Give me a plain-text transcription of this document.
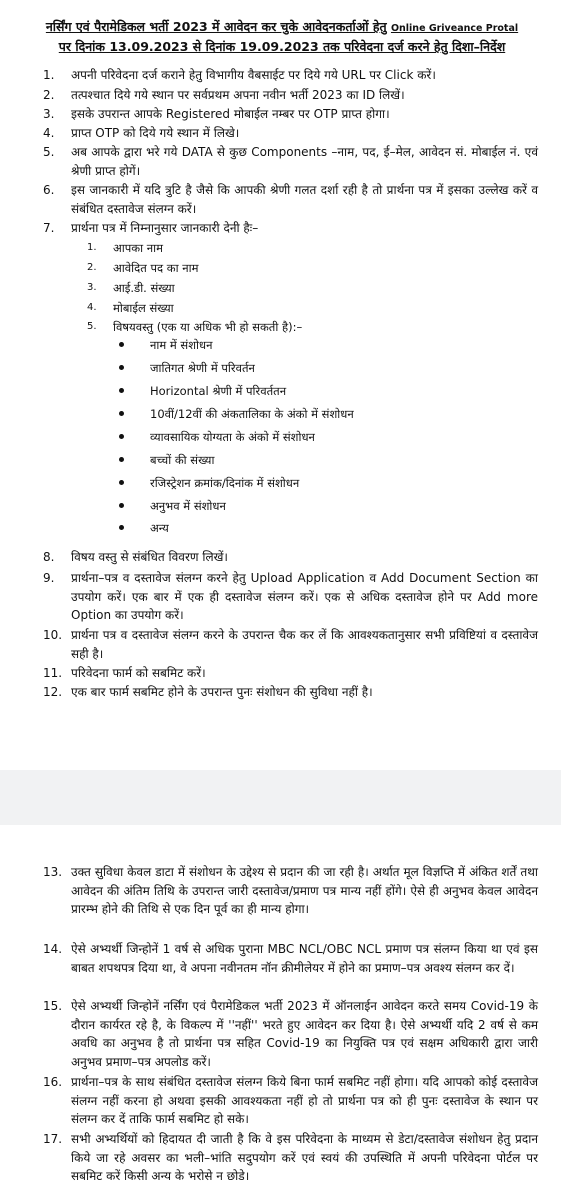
नर्सिंग एवं पैरामेडिकल भर्ती 2023 में आवेदन कर चुके आवेदनकर्ताओं हेतु Online Griveance Protal
पर दिनांक 13.09.2023 से दिनांक 19.09.2023 तक परिवेदना दर्ज करने हेतु दिशा–निर्देश
1.	अपनी परिवेदना दर्ज कराने हेतु विभागीय वैबसाईट पर दिये गये URL पर Click करें।
2.	तत्पश्चात दिये गये स्थान पर सर्वप्रथम अपना नवीन भर्ती 2023 का ID लिखें।
3.	इसके उपरान्त आपके Registered मोबाईल नम्बर पर OTP प्राप्त होगा।
4.	प्राप्त OTP को दिये गये स्थान में लिखे।
5.	अब आपके द्वारा भरे गये DATA से कुछ Components –नाम, पद, ई–मेल, आवेदन सं. मोबाईल नं. एवं श्रेणी प्राप्त होगें।
6.	इस जानकारी में यदि त्रुटि है जैसे कि आपकी श्रेणी गलत दर्शा रही है तो प्रार्थना पत्र में इसका उल्लेख करें व संबंधित दस्तावेज संलग्न करें।
7.	प्रार्थना पत्र में निम्नानुसार जानकारी देनी हैः–
1.	आपका नाम
2.	आवेदित पद का नाम
3.	आई.डी. संख्या
4.	मोबाईल संख्या
5.	विषयवस्तु (एक या अधिक भी हो सकती है):–
नाम में संशोधन
जातिगत श्रेणी में परिवर्तन
Horizontal श्रेणी में परिवर्ततन
10वीं/12वीं की अंकतालिका के अंको में संशोधन
व्यावसायिक योग्यता के अंको में संशोधन
बच्चों की संख्या
रजिस्ट्रेशन क्रमांक/दिनांक में संशोधन
अनुभव में संशोधन
अन्य
8.	विषय वस्तु से संबंधित विवरण लिखें।
9.	प्रार्थना–पत्र व दस्तावेज संलग्न करने हेतु Upload Application व Add Document Section का उपयोग करें। एक बार में एक ही दस्तावेज संलग्न करें। एक से अधिक दस्तावेज होने पर Add more Option का उपयोग करें।
10. प्रार्थना पत्र व दस्तावेज संलग्न करने के उपरान्त चैक कर लें कि आवश्यकतानुसार सभी प्रविष्टियां व दस्तावेज सही है।
11. परिवेदना फार्म को सबमिट करें।
12. एक बार फार्म सबमिट होने के उपरान्त पुनः संशोधन की सुविधा नहीं है।
13. उक्त सुविधा केवल डाटा में संशोधन के उद्देश्य से प्रदान की जा रही है। अर्थात मूल विज्ञप्ति में अंकित शर्तें तथा आवेदन की अंतिम तिथि के उपरान्त जारी दस्तावेज/प्रमाण पत्र मान्य नहीं होंगे। ऐसे ही अनुभव केवल आवेदन प्रारम्भ होने की तिथि से एक दिन पूर्व का ही मान्य होगा।
14. ऐसे अभ्यर्थी जिन्होनें 1 वर्ष से अधिक पुराना MBC NCL/OBC NCL प्रमाण पत्र संलग्न किया था एवं इस बाबत शपथपत्र दिया था, वे अपना नवीनतम नॉन क्रीमीलेयर में होने का प्रमाण–पत्र अवश्य संलग्न कर दें।
15. ऐसे अभ्यर्थी जिन्होनें नर्सिंग एवं पैरामेडिकल भर्ती 2023 में ऑनलाईन आवेदन करते समय Covid-19 के दौरान कार्यरत रहे है, के विकल्प में ''नहीं'' भरते हुए आवेदन कर दिया है। ऐसे अभ्यर्थी यदि 2 वर्ष से कम अवधि का अनुभव है तो प्रार्थना पत्र सहित Covid-19 का नियुक्ति पत्र एवं सक्षम अधिकारी द्वारा जारी अनुभव प्रमाण–पत्र अपलोड करें।
16. प्रार्थना–पत्र के साथ संबंधित दस्तावेज संलग्न किये बिना फार्म सबमिट नहीं होगा। यदि आपको कोई दस्तावेज संलग्न नहीं करना हो अथवा इसकी आवश्यकता नहीं हो तो प्रार्थना पत्र को ही पुनः दस्तावेज के स्थान पर संलग्न कर दें ताकि फार्म सबमिट हो सके।
17. सभी अभ्यर्थियों को हिदायत दी जाती है कि वे इस परिवेदना के माध्यम से डेटा/दस्तावेज संशोधन हेतु प्रदान किये जा रहे अवसर का भली–भांति सदुपयोग करें एवं स्वयं की उपस्थिति में अपनी परिवेदना पोर्टल पर सबमिट करें किसी अन्य के भरोसे न छोडे।
